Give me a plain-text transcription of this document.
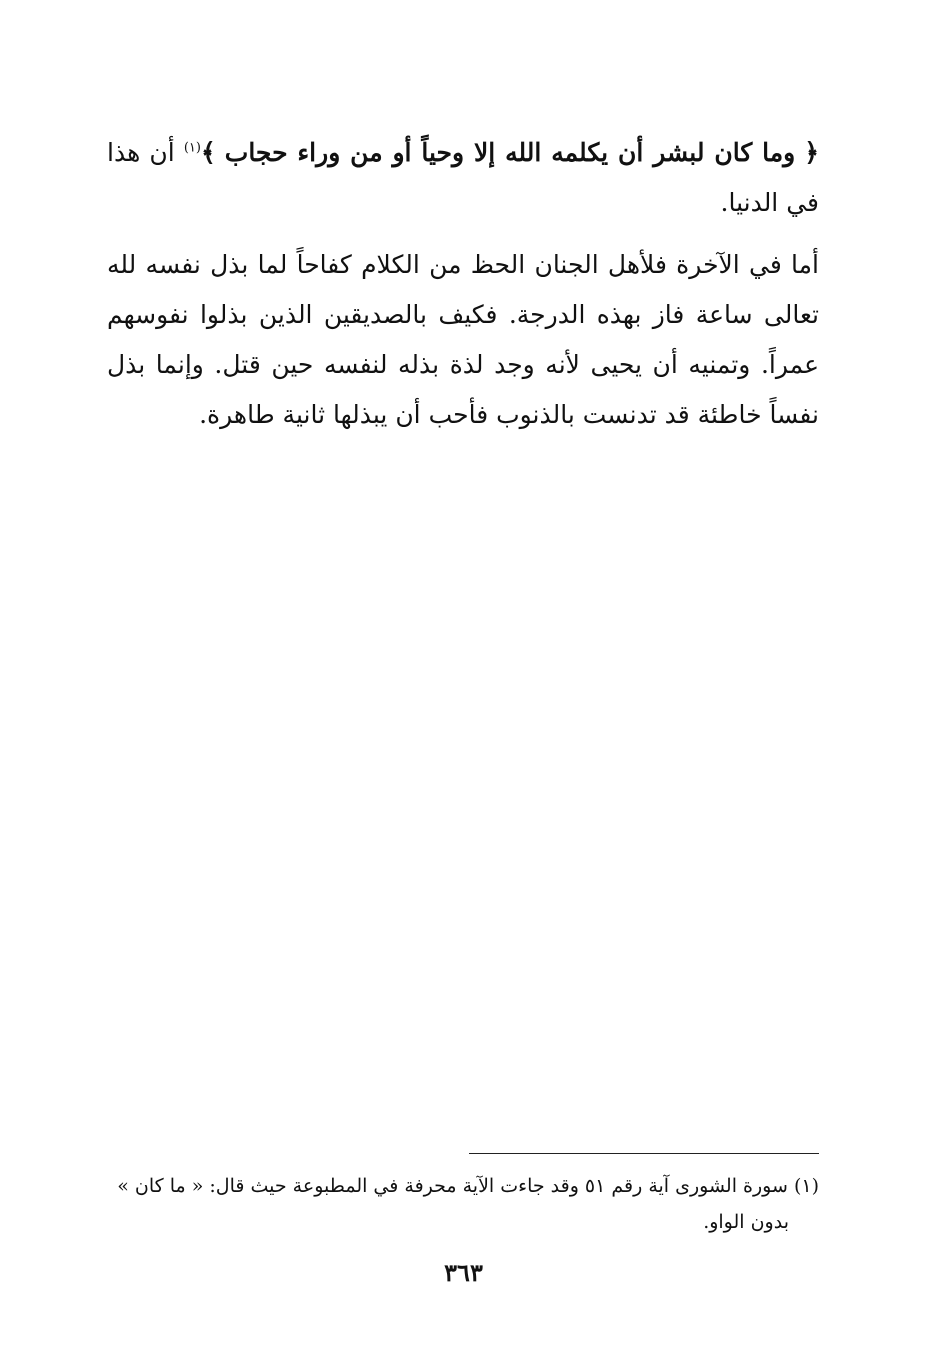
﴿ وما كان لبشر أن يكلمه الله إلا وحياً أو من وراء حجاب ﴾$^{(١)}$ أن هذا في الدنيا.

أما في الآخرة فلأهل الجنان الحظ من الكلام كفاحاً لما بذل نفسه لله تعالى ساعة فاز بهذه الدرجة. فكيف بالصديقين الذين بذلوا نفوسهم عمراً. وتمنيه أن يحيى لأنه وجد لذة بذله لنفسه حين قتل. وإنما بذل نفساً خاطئة قد تدنست بالذنوب فأحب أن يبذلها ثانية طاهرة.

(١) سورة الشورى آية رقم ٥١ وقد جاءت الآية محرفة في المطبوعة حيث قال: « ما كان »

بدون الواو.

٣٦٣
